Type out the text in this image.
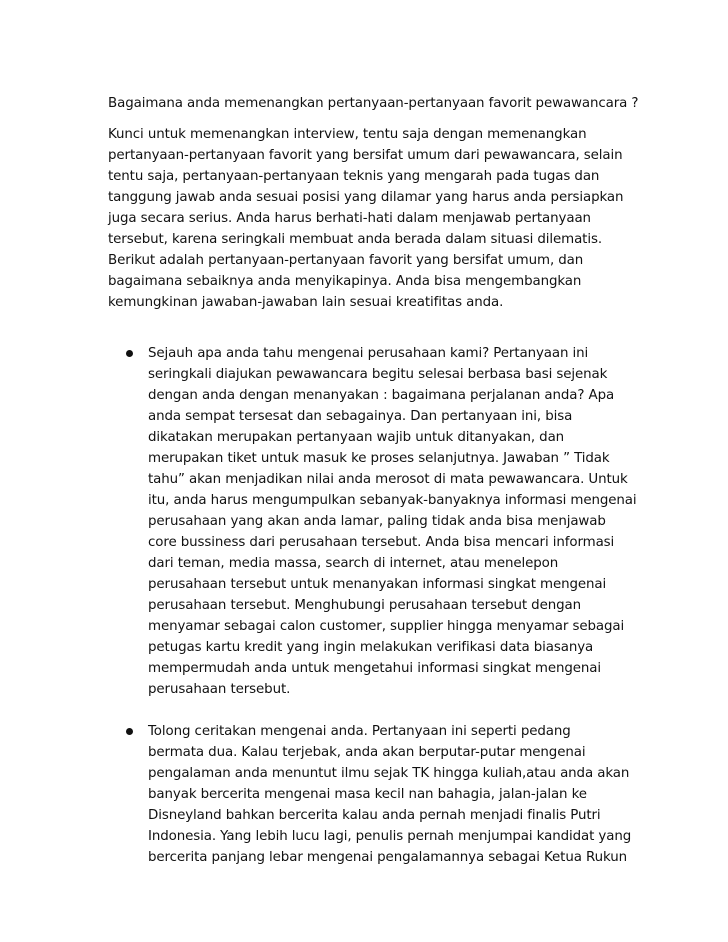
Bagaimana anda memenangkan pertanyaan-pertanyaan favorit pewawancara ?

Kunci untuk memenangkan interview, tentu saja dengan memenangkan
pertanyaan-pertanyaan favorit yang bersifat umum dari pewawancara, selain
tentu saja, pertanyaan-pertanyaan teknis yang mengarah pada tugas dan
tanggung jawab anda sesuai posisi yang dilamar yang harus anda persiapkan
juga secara serius. Anda harus berhati-hati dalam menjawab pertanyaan
tersebut, karena seringkali membuat anda berada dalam situasi dilematis.
Berikut adalah pertanyaan-pertanyaan favorit yang bersifat umum, dan
bagaimana sebaiknya anda menyikapinya. Anda bisa mengembangkan
kemungkinan jawaban-jawaban lain sesuai kreatifitas anda.

Sejauh apa anda tahu mengenai perusahaan kami? Pertanyaan ini
seringkali diajukan pewawancara begitu selesai berbasa basi sejenak
dengan anda dengan menanyakan : bagaimana perjalanan anda? Apa
anda sempat tersesat dan sebagainya. Dan pertanyaan ini, bisa
dikatakan merupakan pertanyaan wajib untuk ditanyakan, dan
merupakan tiket untuk masuk ke proses selanjutnya. Jawaban ” Tidak
tahu” akan menjadikan nilai anda merosot di mata pewawancara. Untuk
itu, anda harus mengumpulkan sebanyak-banyaknya informasi mengenai
perusahaan yang akan anda lamar, paling tidak anda bisa menjawab
core bussiness dari perusahaan tersebut. Anda bisa mencari informasi
dari teman, media massa, search di internet, atau menelepon
perusahaan tersebut untuk menanyakan informasi singkat mengenai
perusahaan tersebut. Menghubungi perusahaan tersebut dengan
menyamar sebagai calon customer, supplier hingga menyamar sebagai
petugas kartu kredit yang ingin melakukan verifikasi data biasanya
mempermudah anda untuk mengetahui informasi singkat mengenai
perusahaan tersebut.
Tolong ceritakan mengenai anda. Pertanyaan ini seperti pedang
bermata dua. Kalau terjebak, anda akan berputar-putar mengenai
pengalaman anda menuntut ilmu sejak TK hingga kuliah,atau anda akan
banyak bercerita mengenai masa kecil nan bahagia, jalan-jalan ke
Disneyland bahkan bercerita kalau anda pernah menjadi finalis Putri
Indonesia. Yang lebih lucu lagi, penulis pernah menjumpai kandidat yang
bercerita panjang lebar mengenai pengalamannya sebagai Ketua Rukun
